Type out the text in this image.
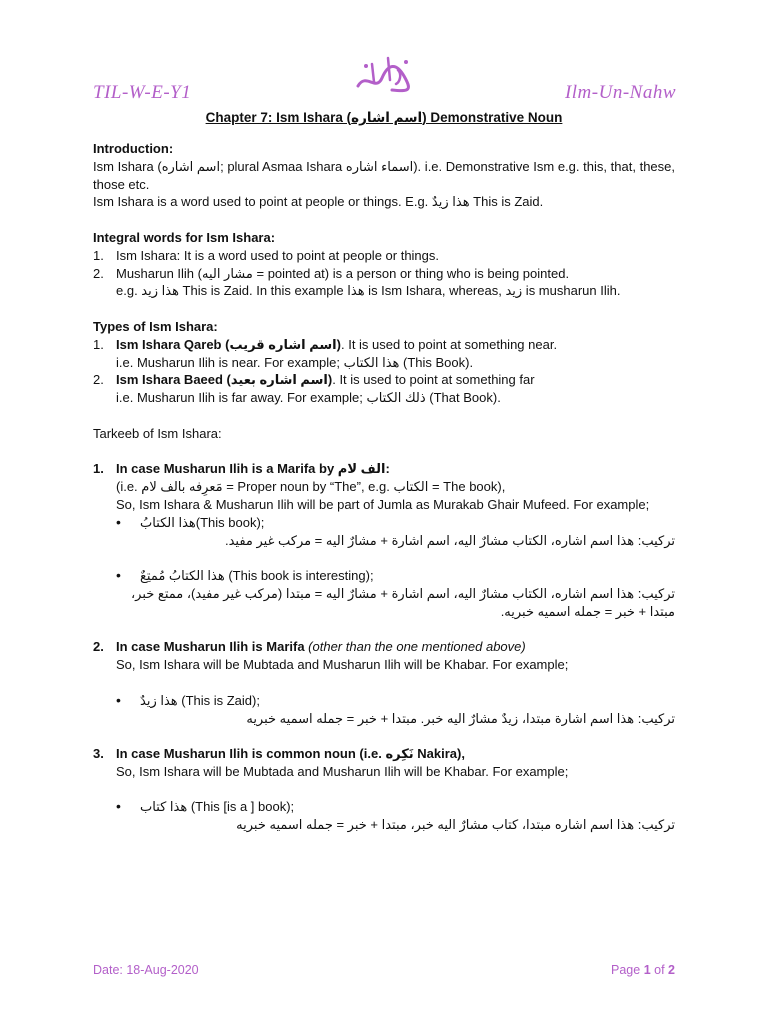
TIL-W-E-Y1	Ilm-Un-Nahw
Chapter 7: Ism Ishara (اسم اشاره) Demonstrative Noun
Introduction:
Ism Ishara (اسم اشاره; plural Asmaa Ishara اسماء اشاره). i.e. Demonstrative Ism e.g. this, that, these, those etc.
Ism Ishara is a word used to point at people or things. E.g. هذا زيدٌ This is Zaid.
Integral words for Ism Ishara:
1. Ism Ishara: It is a word used to point at people or things.
2. Musharun Ilih (مشار اليه = pointed at) is a person or thing who is being pointed.
e.g. هذا زيد This is Zaid. In this example هذا is Ism Ishara, whereas, زيد is musharun Ilih.
Types of Ism Ishara:
1. Ism Ishara Qareb (اسم اشاره قريب). It is used to point at something near.
i.e. Musharun Ilih is near. For example; هذا الكتاب (This Book).
2. Ism Ishara Baeed (اسم اشاره بعيد). It is used to point at something far
i.e. Musharun Ilih is far away. For example; ذلك الكتاب (That Book).
Tarkeeb of Ism Ishara:
1. In case Musharun Ilih is a Marifa by الف لام:
(i.e. مَعرِفه بالف لام = Proper noun by “The”, e.g. الكتاب = The book),
So, Ism Ishara & Musharun Ilih will be part of Jumla as Murakab Ghair Mufeed. For example;
•	هذا الكتابُ(This book);
تركيب: هذا اسم اشاره، الكتاب مشارٌ اليه، اسم اشارة + مشارٌ اليه = مركب غير مفيد.
•	هذا الكتابُ مُمتِعٌ (This book is interesting);
تركيب: هذا اسم اشاره، الكتاب مشارٌ اليه، اسم اشارة + مشارٌ اليه = مبتدا (مركب غير مفيد)، ممتع خبر،
مبتدا + خبر = جمله اسميه خبريه.
2. In case Musharun Ilih is Marifa (other than the one mentioned above)
So, Ism Ishara will be Mubtada and Musharun Ilih will be Khabar. For example;
•	هذا زيدٌ (This is Zaid);
تركيب: هذا اسم اشارة مبتدا، زيدٌ مشارٌ اليه خبر. مبتدا + خبر = جمله اسميه خبريه
3. In case Musharun Ilih is common noun (i.e. نَكِره Nakira),
So, Ism Ishara will be Mubtada and Musharun Ilih will be Khabar. For example;
•	هذا كتاب (This [is a ] book);
تركيب: هذا اسم اشاره مبتدا، كتاب مشارٌ اليه خبر، مبتدا + خبر = جمله اسميه خبريه
Date: 18-Aug-2020	Page 1 of 2
